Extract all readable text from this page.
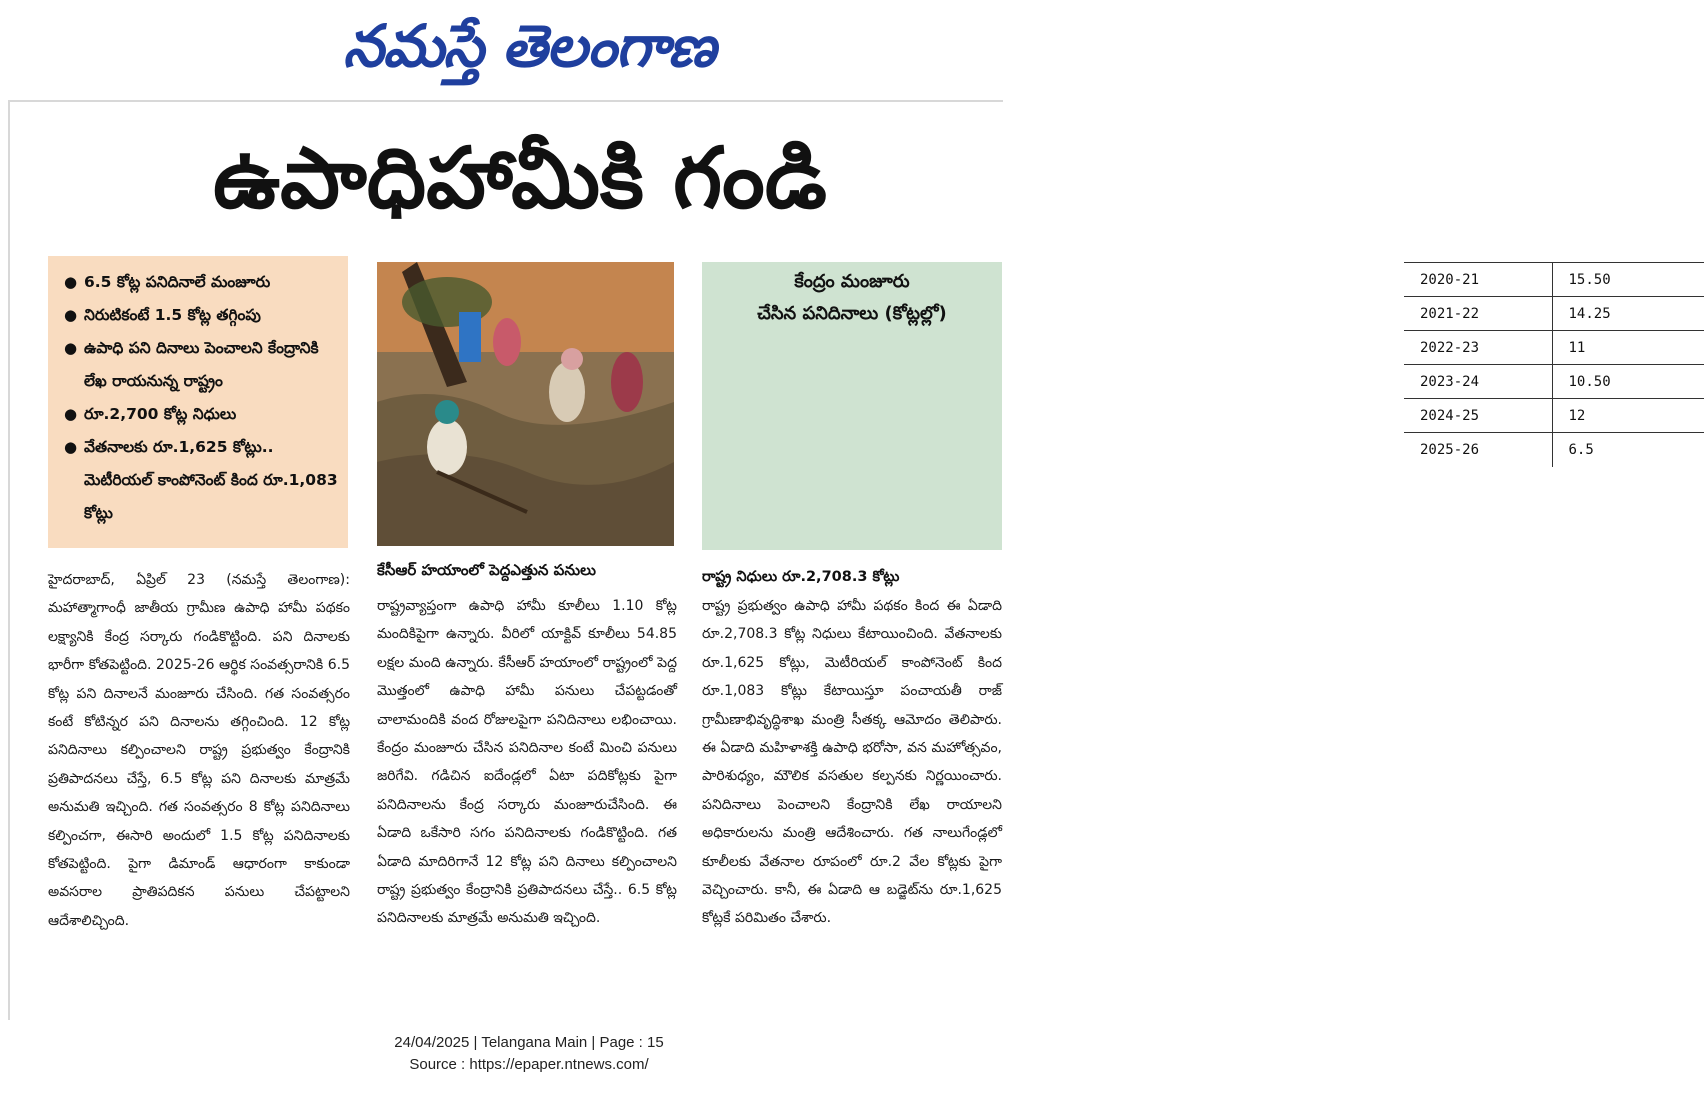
నమస్తే తెలంగాణ
ఉపాధిహామీకి గండి
● 6.5 కోట్ల పనిదినాలే మంజూరు
● నిరుటికంటే 1.5 కోట్ల తగ్గింపు
● ఉపాధి పని దినాలు పెంచాలని కేంద్రానికి లేఖ రాయనున్న రాష్ట్రం
● రూ.2,700 కోట్ల నిధులు
● వేతనాలకు రూ.1,625 కోట్లు.. మెటీరియల్ కాంపోనెంట్ కింద రూ.1,083 కోట్లు
కేసీఆర్ హయాంలో పెద్దఎత్తున పనులు
కేంద్రం మంజూరు
చేసిన పనిదినాలు (కోట్లల్లో)
2020-21	15.50
2021-22	14.25
2022-23	11
2023-24	10.50
2024-25	12
2025-26	6.5
రాష్ట్ర నిధులు రూ.2,708.3 కోట్లు
హైదరాబాద్, ఏప్రిల్ 23 (నమస్తే తెలంగాణ): మహాత్మాగాంధీ జాతీయ గ్రామీణ ఉపాధి హామీ పథకం లక్ష్యానికి కేంద్ర సర్కారు గండికొట్టింది. పని దినాలకు భారీగా కోతపెట్టింది. 2025-26 ఆర్థిక సంవత్సరానికి 6.5 కోట్ల పని దినాలనే మంజూరు చేసింది. గత సంవత్సరం కంటే కోటిన్నర పని దినాలను తగ్గించింది. 12 కోట్ల పనిదినాలు కల్పించాలని రాష్ట్ర ప్రభుత్వం కేంద్రానికి ప్రతిపాదనలు చేస్తే, 6.5 కోట్ల పని దినాలకు మాత్రమే అనుమతి ఇచ్చింది. గత సంవత్సరం 8 కోట్ల పనిదినాలు కల్పించగా, ఈసారి అందులో 1.5 కోట్ల పనిదినాలకు కోతపెట్టింది. పైగా డిమాండ్ ఆధారంగా కాకుండా అవసరాల ప్రాతిపదికన పనులు చేపట్టాలని ఆదేశాలిచ్చింది.
రాష్ట్రవ్యాప్తంగా ఉపాధి హామీ కూలీలు 1.10 కోట్ల మందికిపైగా ఉన్నారు. వీరిలో యాక్టివ్ కూలీలు 54.85 లక్షల మంది ఉన్నారు. కేసీఆర్ హయాంలో రాష్ట్రంలో పెద్ద మొత్తంలో ఉపాధి హామీ పనులు చేపట్టడంతో చాలామందికి వంద రోజులపైగా పనిదినాలు లభించాయి. కేంద్రం మంజూరు చేసిన పనిదినాల కంటే మించి పనులు జరిగేవి. గడిచిన ఐదేండ్లలో ఏటా పదికోట్లకు పైగా పనిదినాలను కేంద్ర సర్కారు మంజూరుచేసింది. ఈ ఏడాది ఒకేసారి సగం పనిదినాలకు గండికొట్టింది. గత ఏడాది మాదిరిగానే 12 కోట్ల పని దినాలు కల్పించాలని రాష్ట్ర ప్రభుత్వం కేంద్రానికి ప్రతిపాదనలు చేస్తే.. 6.5 కోట్ల పనిదినాలకు మాత్రమే అనుమతి ఇచ్చింది.
రాష్ట్ర ప్రభుత్వం ఉపాధి హామీ పథకం కింద ఈ ఏడాది రూ.2,708.3 కోట్ల నిధులు కేటాయించింది. వేతనాలకు రూ.1,625 కోట్లు, మెటీరియల్ కాంపోనెంట్ కింద రూ.1,083 కోట్లు కేటాయిస్తూ పంచాయతీ రాజ్ గ్రామీణాభివృద్ధిశాఖ మంత్రి సీతక్క ఆమోదం తెలిపారు. ఈ ఏడాది మహిళాశక్తి ఉపాధి భరోసా, వన మహోత్సవం, పారిశుధ్యం, మౌలిక వసతుల కల్పనకు నిర్ణయించారు. పనిదినాలు పెంచాలని కేంద్రానికి లేఖ రాయాలని అధికారులను మంత్రి ఆదేశించారు. గత నాలుగేండ్లలో కూలీలకు వేతనాల రూపంలో రూ.2 వేల కోట్లకు పైగా వెచ్చించారు. కానీ, ఈ ఏడాది ఆ బడ్జెట్‌ను రూ.1,625 కోట్లకే పరిమితం చేశారు.
24/04/2025 | Telangana Main | Page : 15
Source : https://epaper.ntnews.com/
